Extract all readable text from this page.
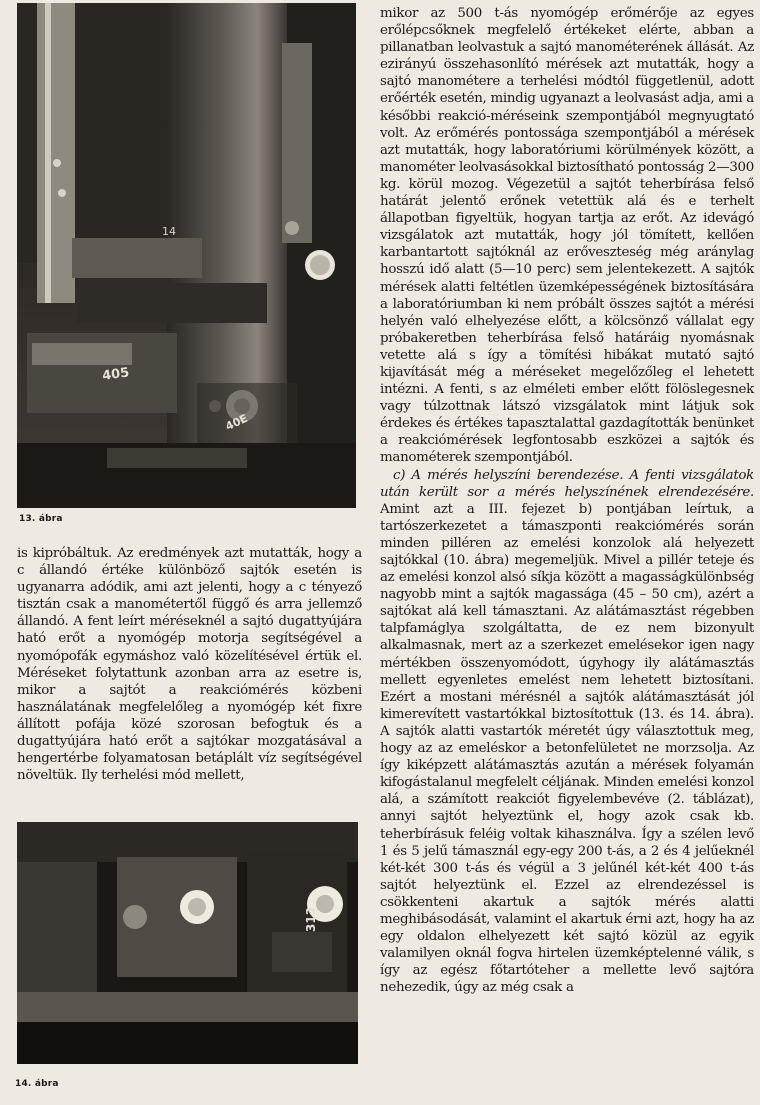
14
405
40E
13. ábra

is kipróbáltuk. Az eredmények azt mutatták, hogy a c állandó értéke különböző sajtók esetén is ugyanarra adódik, ami azt jelenti, hogy a c tényező tisztán csak a manométertől függő és arra jellemző állandó. A fent leírt méréseknél a sajtó dugattyújára ható erőt a nyomógép motorja segítségével a nyomópofák egymáshoz való közelítésével értük el. Méréseket folytattunk azonban arra az esetre is, mikor a sajtót a reakciómérés közbeni használatának megfelelőleg a nyomógép két fixre állított pofája közé szorosan befogtuk és a dugattyújára ható erőt a sajtókar mozgatásával a hengertérbe folyamatosan betáplált víz segítségével növeltük. Ily terhelési mód mellett,

313
14. ábra

mikor az 500 t-ás nyomógép erőmérője az egyes erőlépcsőknek megfelelő értékeket elérte, abban a pillanatban leolvastuk a sajtó manométerének állását. Az ezirányú összehasonlító mérések azt mutatták, hogy a sajtó manométere a terhelési módtól függetlenül, adott erőérték esetén, mindig ugyanazt a leolvasást adja, ami a későbbi reakció-méréseink szempontjából megnyugtató volt. Az erőmérés pontossága szempontjából a mérések azt mutatták, hogy laboratóriumi körülmények között, a manométer leolvasásokkal biztosítható pontosság 2—300 kg. körül mozog. Végezetül a sajtót teherbírása felső határát jelentő erőnek vetettük alá és e terhelt állapotban figyeltük, hogyan tartja az erőt. Az idevágó vizsgálatok azt mutatták, hogy jól tömített, kellően karbantartott sajtóknál az erőveszteség még aránylag hosszú idő alatt (5—10 perc) sem jelentekezett. A sajtók mérések alatti feltétlen üzemképességének biztosítására a laboratóriumban ki nem próbált összes sajtót a mérési helyén való elhelyezése előtt, a kölcsönző vállalat egy próbakeretben teherbírása felső határáig nyomásnak vetette alá s így a tömítési hibákat mutató sajtó kijavítását még a méréseket megelőzőleg el lehetett intézni. A fenti, s az elméleti ember előtt fölöslegesnek vagy túlzottnak látszó vizsgálatok mint látjuk sok érdekes és értékes tapasztalattal gazdagították benünket a reakciómérések legfontosabb eszközei a sajtók és manométerek szempontjából.

c) A mérés helyszíni berendezése. A fenti vizsgálatok után került sor a mérés helyszínének elrendezésére. Amint azt a III. fejezet b) pontjában leírtuk, a tartószerkezetet a támaszponti reakciómérés során minden pilléren az emelési konzolok alá helyezett sajtókkal (10. ábra) megemeljük. Mivel a pillér teteje és az emelési konzol alsó síkja között a magasságkülönbség nagyobb mint a sajtók magassága (45 – 50 cm), azért a sajtókat alá kell támasztani. Az alátámasztást régebben talpfamáglya szolgáltatta, de ez nem bizonyult alkalmasnak, mert az a szerkezet emelésekor igen nagy mértékben összenyomódott, úgyhogy ily alátámasztás mellett egyenletes emelést nem lehetett biztosítani. Ezért a mostani mérésnél a sajtók alátámasztását jól kimerevített vastartókkal biztosítottuk (13. és 14. ábra). A sajtók alatti vastartók méretét úgy választottuk meg, hogy az az emeléskor a betonfelületet ne morzsolja. Az így kiképzett alátámasztás azután a mérések folyamán kifogástalanul megfelelt céljának. Minden emelési konzol alá, a számított reakciót figyelembevéve (2. táblázat), annyi sajtót helyeztünk el, hogy azok csak kb. teherbírásuk feléig voltak kihasználva. Így a szélen levő 1 és 5 jelű támasznál egy-egy 200 t-ás, a 2 és 4 jelűeknél két-két 300 t-ás és végül a 3 jelűnél két-két 400 t-ás sajtót helyeztünk el. Ezzel az elrendezéssel is csökkenteni akartuk a sajtók mérés alatti meghibásodását, valamint el akartuk érni azt, hogy ha az egy oldalon elhelyezett két sajtó közül az egyik valamilyen oknál fogva hirtelen üzemképtelenné válik, s így az egész főtartóteher a mellette levő sajtóra nehezedik, úgy az még csak a
